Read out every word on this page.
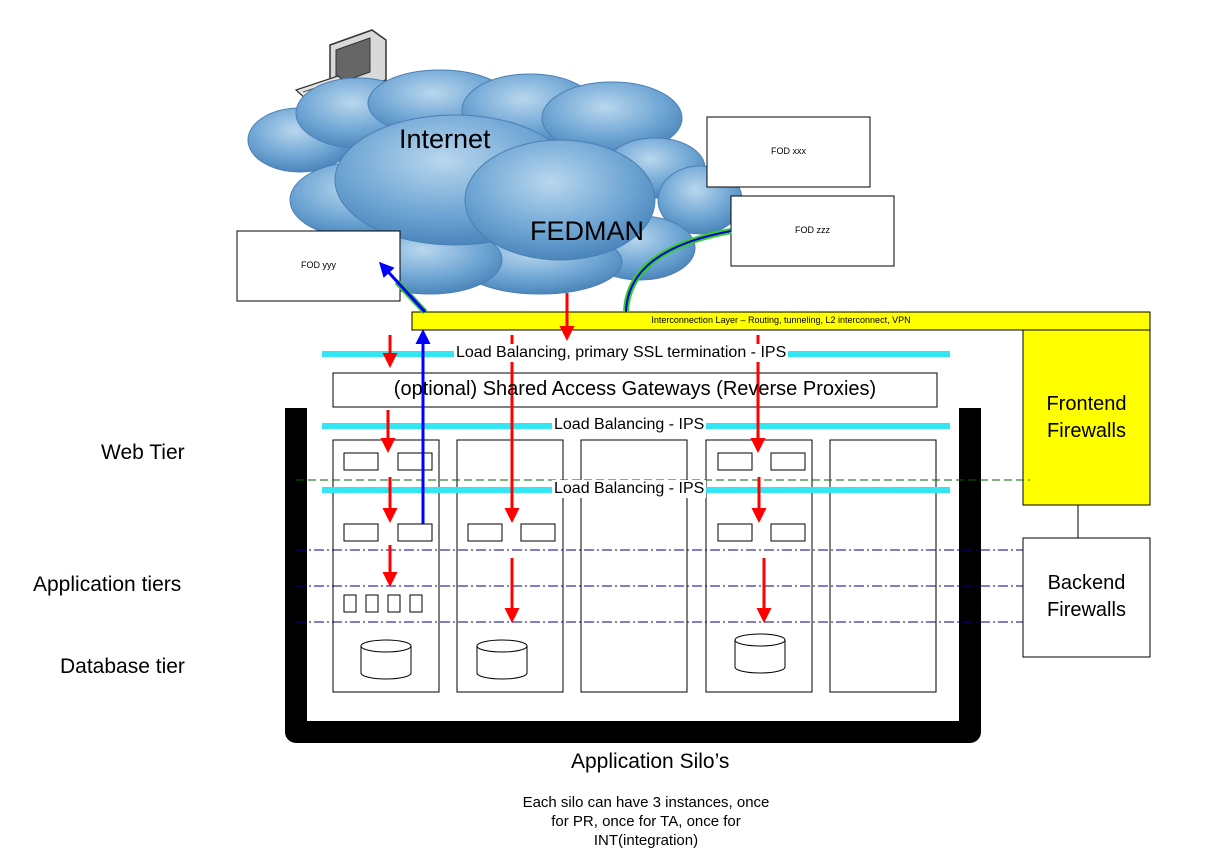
Internet
FEDMAN
FOD xxx
FOD zzz
FOD yyy
Interconnection Layer – Routing, tunneling, L2 interconnect, VPN
Load Balancing, primary SSL termination - IPS
(optional) Shared Access Gateways (Reverse Proxies)
Load Balancing - IPS
Load Balancing - IPS
Frontend
Firewalls
Backend
Firewalls
Web Tier
Application tiers
Database tier
Application Silo’s
Each silo can have 3 instances, once
for PR, once for TA, once for
INT(integration)
